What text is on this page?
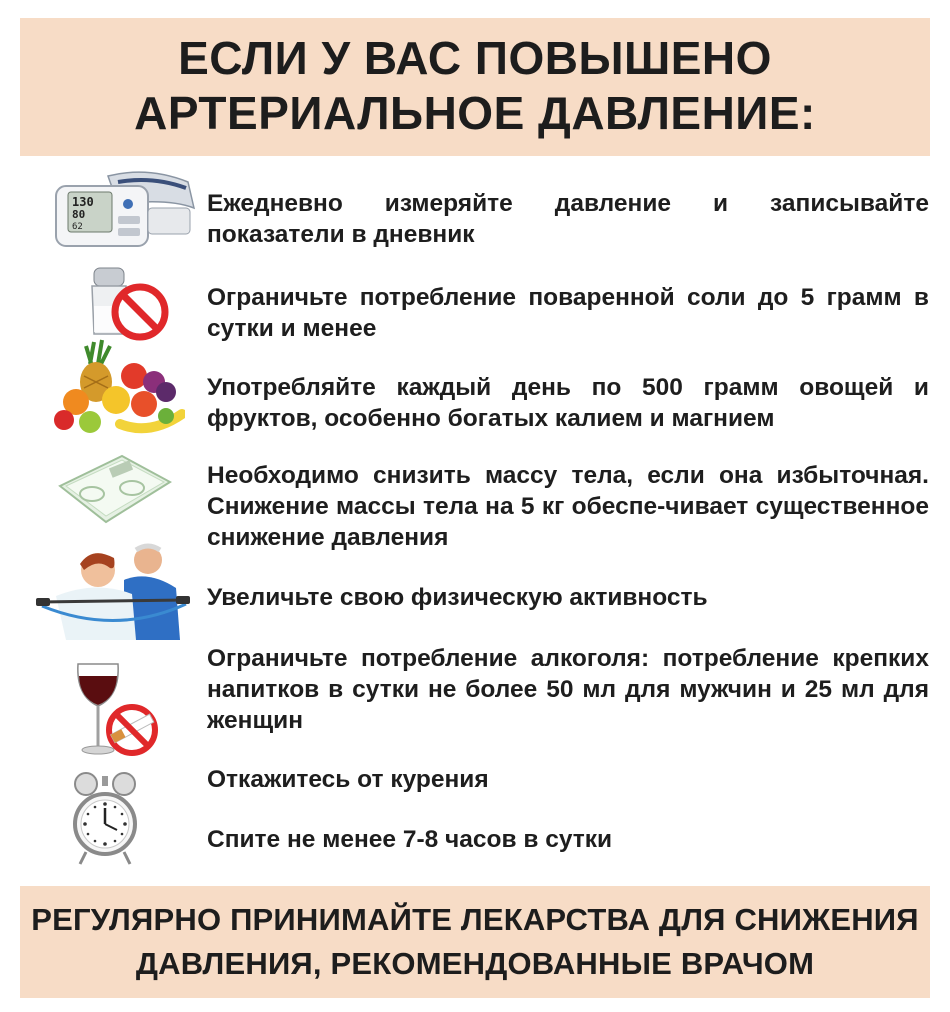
ЕСЛИ У ВАС ПОВЫШЕНО
АРТЕРИАЛЬНОЕ ДАВЛЕНИЕ:
130
80
62
Ежедневно измеряйте давление и записывайте показатели в дневник
Ограничьте потребление поваренной соли до 5 грамм в сутки и менее
Употребляйте каждый день по 500 грамм овощей и фруктов, особенно богатых калием и магнием
Необходимо снизить массу тела, если она избыточная. Снижение массы тела на 5 кг обеспе-чивает существенное снижение давления
Увеличьте свою физическую активность
Ограничьте потребление алкоголя: потребление крепких напитков в сутки не более 50 мл для мужчин и 25 мл для женщин
Откажитесь от курения
Спите не менее 7-8 часов в сутки
РЕГУЛЯРНО ПРИНИМАЙТЕ ЛЕКАРСТВА ДЛЯ СНИЖЕНИЯ
ДАВЛЕНИЯ, РЕКОМЕНДОВАННЫЕ ВРАЧОМ
